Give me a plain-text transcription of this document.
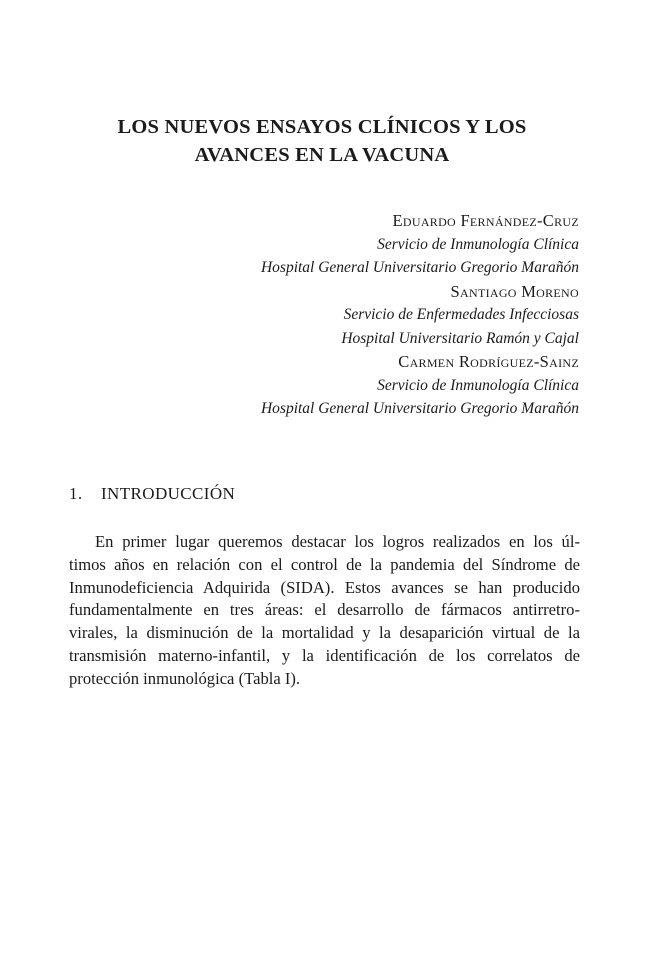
LOS NUEVOS ENSAYOS CLÍNICOS Y LOS
AVANCES EN LA VACUNA
Eduardo Fernández-Cruz
Servicio de Inmunología Clínica
Hospital General Universitario Gregorio Marañón
Santiago Moreno
Servicio de Enfermedades Infecciosas
Hospital Universitario Ramón y Cajal
Carmen Rodríguez-Sainz
Servicio de Inmunología Clínica
Hospital General Universitario Gregorio Marañón
1. INTRODUCCIÓN
En primer lugar queremos destacar los logros realizados en los úl-
timos años en relación con el control de la pandemia del Síndrome de
Inmunodeficiencia Adquirida (SIDA). Estos avances se han producido
fundamentalmente en tres áreas: el desarrollo de fármacos antirretro-
virales, la disminución de la mortalidad y la desaparición virtual de la
transmisión materno-infantil, y la identificación de los correlatos de
protección inmunológica (Tabla I).
